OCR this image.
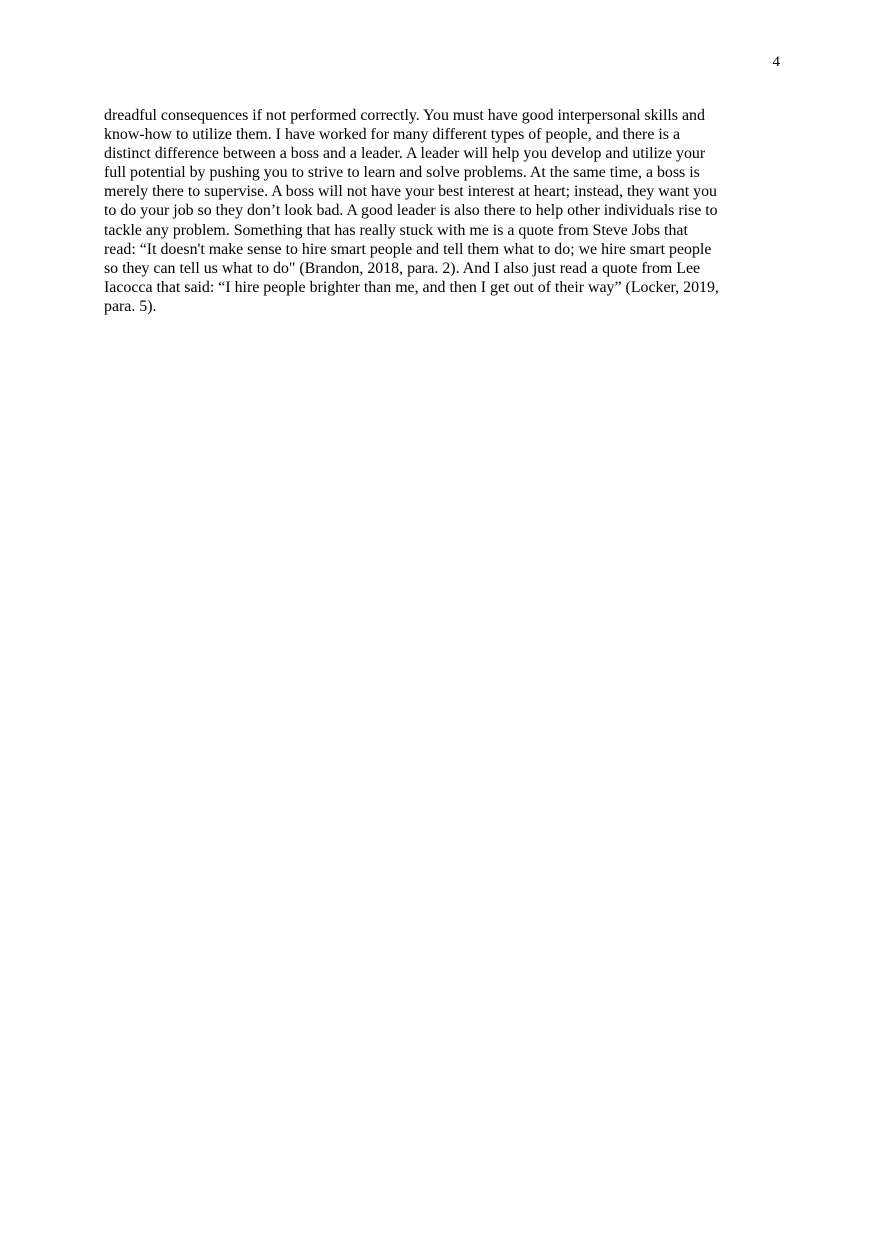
4
dreadful consequences if not performed correctly. You must have good interpersonal skills and
know-how to utilize them. I have worked for many different types of people, and there is a
distinct difference between a boss and a leader. A leader will help you develop and utilize your
full potential by pushing you to strive to learn and solve problems. At the same time, a boss is
merely there to supervise. A boss will not have your best interest at heart; instead, they want you
to do your job so they don’t look bad. A good leader is also there to help other individuals rise to
tackle any problem. Something that has really stuck with me is a quote from Steve Jobs that
read: “It doesn't make sense to hire smart people and tell them what to do; we hire smart people
so they can tell us what to do" (Brandon, 2018, para. 2). And I also just read a quote from Lee
Iacocca that said: “I hire people brighter than me, and then I get out of their way” (Locker, 2019,
para. 5).
